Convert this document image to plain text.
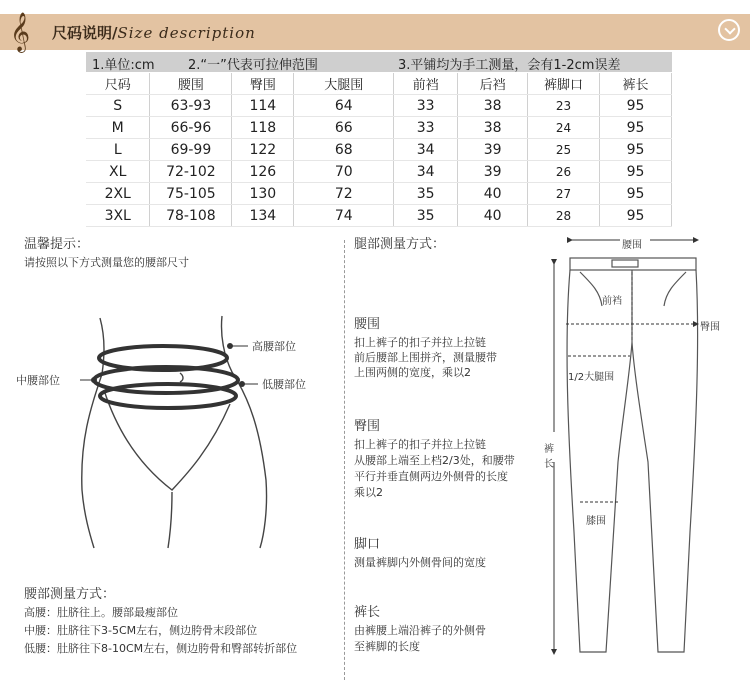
𝄞 尺码说明/Size description
1.单位:cm	2.“一”代表可拉伸范围	3.平铺均为手工测量，会有1-2cm误差
尺码	腰围	臀围	大腿围	前裆	后裆	裤脚口	裤长
S	63-93	114	64	33	38	23	95
M	66-96	118	66	33	38	24	95
L	69-99	122	68	34	39	25	95
XL	72-102	126	70	34	39	26	95
2XL	75-105	130	72	35	40	27	95
3XL	78-108	134	74	35	40	28	95
温馨提示：
请按照以下方式测量您的腰部尺寸
高腰部位
中腰部位	低腰部位
腰部测量方式：
高腰：肚脐往上。腰部最瘦部位
中腰：肚脐往下3-5CM左右，侧边胯骨末段部位
低腰：肚脐往下8-10CM左右，侧边胯骨和臀部转折部位
腿部测量方式：
腰围
扣上裤子的扣子并拉上拉链
前后腰部上围拼齐，测量腰带
上围两侧的宽度，乘以2
臀围
扣上裤子的扣子并拉上拉链
从腰部上端至上档2/3处，和腰带
平行并垂直侧两边外侧骨的长度
乘以2
脚口
测量裤脚内外侧骨间的宽度
裤长
由裤腰上端沿裤子的外侧骨
至裤脚的长度
腰围
前裆
臀围
1/2大腿围
裤长
膝围
